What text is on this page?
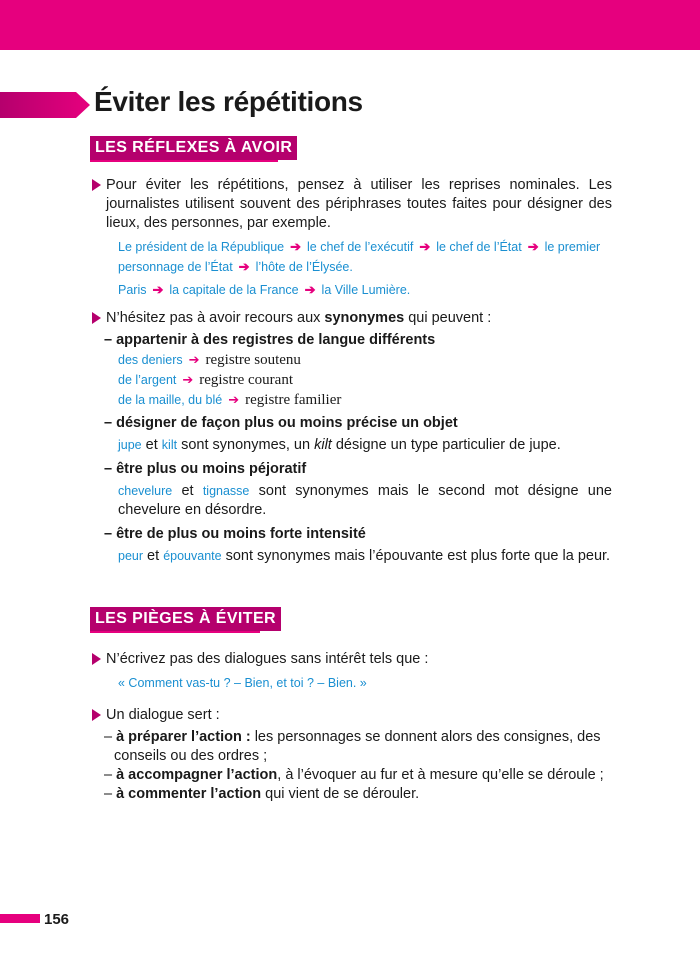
Éviter les répétitions
LES RÉFLEXES À AVOIR
Pour éviter les répétitions, pensez à utiliser les reprises nominales. Les journalistes utilisent souvent des périphrases toutes faites pour désigner des lieux, des personnes, par exemple.
Le président de la République ➔ le chef de l’exécutif ➔ le chef de l’État ➔ le premier personnage de l’État ➔ l’hôte de l’Élysée.
Paris ➔ la capitale de la France ➔ la Ville Lumière.
N’hésitez pas à avoir recours aux synonymes qui peuvent :
– appartenir à des registres de langue différents
des deniers ➔ registre soutenu
de l’argent ➔ registre courant
de la maille, du blé ➔ registre familier
– désigner de façon plus ou moins précise un objet
jupe et kilt sont synonymes, un kilt désigne un type particulier de jupe.
– être plus ou moins péjoratif
chevelure et tignasse sont synonymes mais le second mot désigne une chevelure en désordre.
– être de plus ou moins forte intensité
peur et épouvante sont synonymes mais l’épouvante est plus forte que la peur.
LES PIÈGES À ÉVITER
N’écrivez pas des dialogues sans intérêt tels que :
« Comment vas-tu ? – Bien, et toi ? – Bien. »
Un dialogue sert :
– à préparer l’action : les personnages se donnent alors des consignes, des conseils ou des ordres ;
– à accompagner l’action, à l’évoquer au fur et à mesure qu’elle se déroule ;
– à commenter l’action qui vient de se dérouler.
156
